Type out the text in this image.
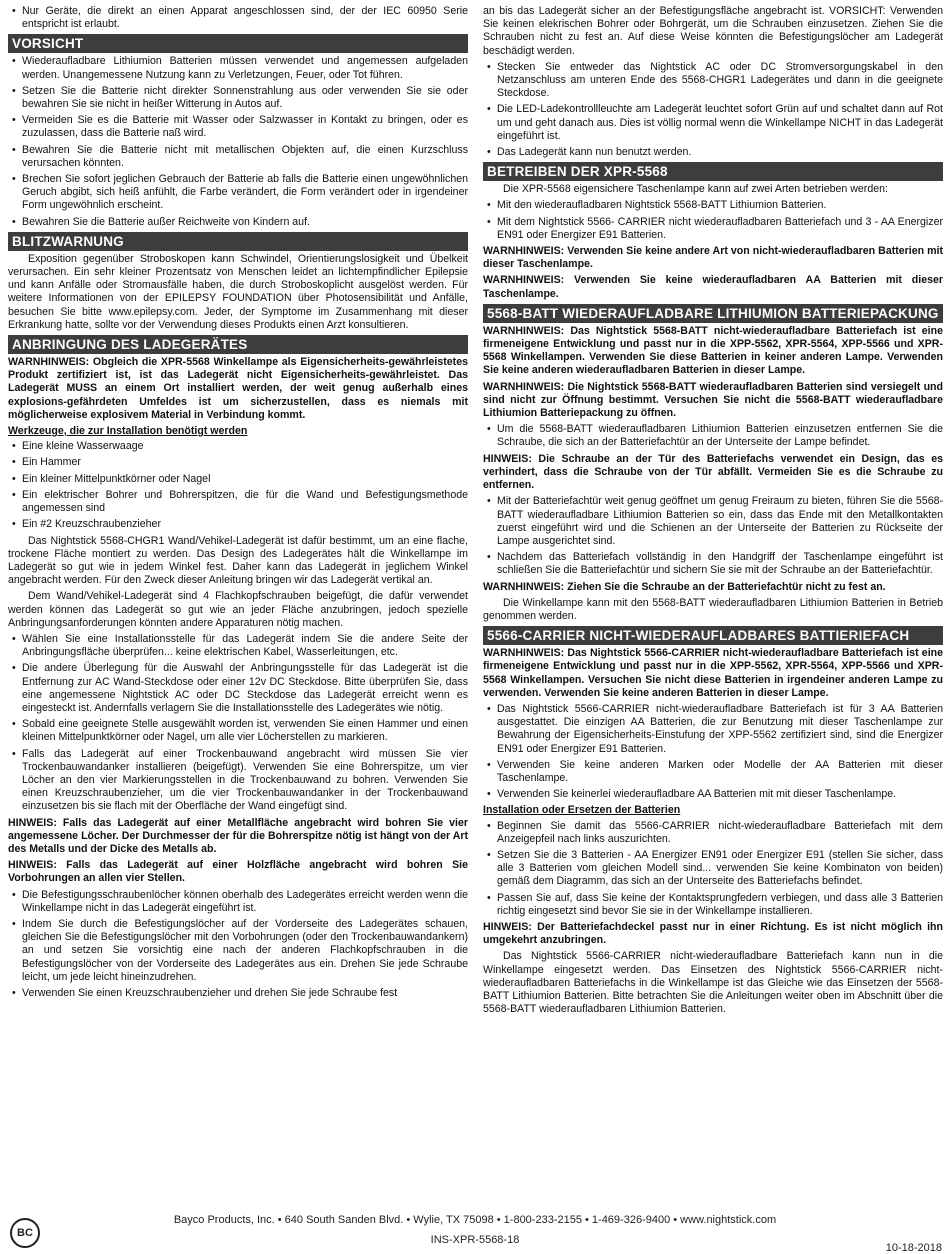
• Nur Geräte, die direkt an einen Apparat angeschlossen sind, der der IEC 60950 Serie entspricht ist erlaubt.
VORSICHT
• Wiederaufladbare Lithiumion Batterien müssen verwendet und angemessen aufgeladen werden. Unangemessene Nutzung kann zu Verletzungen, Feuer, oder Tot führen.
• Setzen Sie die Batterie nicht direkter Sonnenstrahlung aus oder verwenden Sie sie oder bewahren Sie sie nicht in heißer Witterung in Autos auf.
• Vermeiden Sie es die Batterie mit Wasser oder Salzwasser in Kontakt zu bringen, oder es zuzulassen, dass die Batterie naß wird.
• Bewahren Sie die Batterie nicht mit metallischen Objekten auf, die einen Kurzschluss verursachen könnten.
• Brechen Sie sofort jeglichen Gebrauch der Batterie ab falls die Batterie einen ungewöhnlichen Geruch abgibt, sich heiß anfühlt, die Farbe verändert, die Form verändert oder in irgendeiner Form ungewöhnlich erscheint.
• Bewahren Sie die Batterie außer Reichweite von Kindern auf.
BLITZWARNUNG
Exposition gegenüber Stroboskopen kann Schwindel, Orientierungslosigkeit und Übelkeit verursachen. Ein sehr kleiner Prozentsatz von Menschen leidet an lichtempfindlicher Epilepsie und kann Anfälle oder Stromausfälle haben, die durch Stroboskoplicht ausgelöst werden. Für weitere Informationen von der EPILEPSY FOUNDATION über Photosensibilität und Anfälle, besuchen Sie bitte www.epilepsy.com. Jeder, der Symptome im Zusammenhang mit dieser Erkrankung hatte, sollte vor der Verwendung dieses Produkts einen Arzt konsultieren.
ANBRINGUNG DES LADEGERÄTES
WARNHINWEIS: Obgleich die XPR-5568 Winkellampe als Eigensicherheits-gewährleistetes Produkt zertifiziert ist, ist das Ladegerät nicht Eigensicherheits-gewährleistet. Das Ladegerät MUSS an einem Ort installiert werden, der weit genug außerhalb eines explosions-gefährdeten Umfeldes ist um sicherzustellen, dass es niemals mit möglicherweise explosivem Material in Verbindung kommt.
Werkzeuge, die zur Installation benötigt werden
• Eine kleine Wasserwaage
• Ein Hammer
• Ein kleiner Mittelpunktkörner oder Nagel
• Ein elektrischer Bohrer und Bohrerspitzen, die für die Wand und Befestigungsmethode angemessen sind
• Ein #2 Kreuzschraubenzieher
Das Nightstick 5568-CHGR1 Wand/Vehikel-Ladegerät ist dafür bestimmt, um an eine flache, trockene Fläche montiert zu werden. Das Design des Ladegerätes hält die Winkellampe im Ladegerät so gut wie in jedem Winkel fest. Daher kann das Ladegerät in jeglichem Winkel angebracht werden. Für den Zweck dieser Anleitung bringen wir das Ladegerät vertikal an.
Dem Wand/Vehikel-Ladegerät sind 4 Flachkopfschrauben beigefügt, die dafür verwendet werden können das Ladegerät so gut wie an jeder Fläche anzubringen, jedoch spezielle Anbringungsanforderungen könnten andere Apparaturen nötig machen.
• Wählen Sie eine Installationsstelle für das Ladegerät indem Sie die andere Seite der Anbringungsfläche überprüfen... keine elektrischen Kabel, Wasserleitungen, etc.
• Die andere Überlegung für die Auswahl der Anbringungsstelle für das Ladegerät ist die Entfernung zur AC Wand-Steckdose oder einer 12v DC Steckdose. Bitte überprüfen Sie, dass eine angemessene Nightstick AC oder DC Steckdose das Ladegerät erreicht wenn es eingesteckt ist. Andernfalls verlagern Sie die Installationsstelle des Ladegerätes wie nötig.
• Sobald eine geeignete Stelle ausgewählt worden ist, verwenden Sie einen Hammer und einen kleinen Mittelpunktkörner oder Nagel, um alle vier Löcherstellen zu markieren.
• Falls das Ladegerät auf einer Trockenbauwand angebracht wird müssen Sie vier Trockenbauwandanker installieren (beigefügt). Verwenden Sie eine Bohrerspitze, um vier Löcher an den vier Markierungsstellen in die Trockenbauwand zu bohren. Verwenden Sie einen Kreuzschraubenzieher, um die vier Trockenbauwandanker in der Trockenbauwand einzusetzen bis sie flach mit der Oberfläche der Wand eingefügt sind.
HINWEIS: Falls das Ladegerät auf einer Metallfläche angebracht wird bohren Sie vier angemessene Löcher. Der Durchmesser der für die Bohrerspitze nötig ist hängt von der Art des Metalls und der Dicke des Metalls ab.
HINWEIS: Falls das Ladegerät auf einer Holzfläche angebracht wird bohren Sie Vorbohrungen an allen vier Stellen.
• Die Befestigungsschraubenlöcher können oberhalb des Ladegerätes erreicht werden wenn die Winkellampe nicht in das Ladegerät eingeführt ist.
• Indem Sie durch die Befestigungslöcher auf der Vorderseite des Ladegerätes schauen, gleichen Sie die Befestigungslöcher mit den Vorbohrungen (oder den Trockenbauwandankern) an und setzen Sie vorsichtig eine nach der anderen Flachkopfschrauben in die Befestigungslöcher von der Vorderseite des Ladegerätes aus ein. Drehen Sie jede Schraube leicht, um jede leicht hineinzudrehen.
• Verwenden Sie einen Kreuzschraubenzieher und drehen Sie jede Schraube fest
an bis das Ladegerät sicher an der Befestigungsfläche angebracht ist. VORSICHT: Verwenden Sie keinen elekrischen Bohrer oder Bohrgerät, um die Schrauben einzusetzen. Ziehen Sie die Schrauben nicht zu fest an. Auf diese Weise könnten die Befestigungslöcher am Ladegerät beschädigt werden.
• Stecken Sie entweder das Nightstick AC oder DC Stromversorgungskabel in den Netzanschluss am unteren Ende des 5568-CHGR1 Ladegerätes und dann in die geeignete Steckdose.
• Die LED-Ladekontrollleuchte am Ladegerät leuchtet sofort Grün auf und schaltet dann auf Rot um und geht danach aus. Dies ist völlig normal wenn die Winkellampe NICHT in das Ladegerät eingeführt ist.
• Das Ladegerät kann nun benutzt werden.
BETREIBEN DER XPR-5568
Die XPR-5568 eigensichere Taschenlampe kann auf zwei Arten betrieben werden:
• Mit den wiederaufladbaren Nightstick 5568-BATT Lithiumion Batterien.
• Mit dem Nightstick 5566- CARRIER nicht wiederaufladbaren Batteriefach und 3 - AA Energizer EN91 oder Energizer E91 Batterien.
WARNHINWEIS: Verwenden Sie keine andere Art von nicht-wiederaufladbaren Batterien mit dieser Taschenlampe.
WARNHINWEIS: Verwenden Sie keine wiederaufladbaren AA Batterien mit dieser Taschenlampe.
5568-BATT WIEDERAUFLADBARE LITHIUMION BATTERIEPACKUNG
WARNHINWEIS: Das Nightstick 5568-BATT nicht-wiederaufladbare Batteriefach ist eine firmeneigene Entwicklung und passt nur in die XPP-5562, XPR-5564, XPP-5566 und XPR-5568 Winkellampen. Verwenden Sie diese Batterien in keiner anderen Lampe. Verwenden Sie keine anderen wiederaufladbaren Batterien in dieser Lampe.
WARNHINWEIS: Die Nightstick 5568-BATT wiederaufladbaren Batterien sind versiegelt und sind nicht zur Öffnung bestimmt. Versuchen Sie nicht die 5568-BATT wiederaufladbare Lithiumion Batteriepackung zu öffnen.
• Um die 5568-BATT wiederaufladbaren Lithiumion Batterien einzusetzen entfernen Sie die Schraube, die sich an der Batteriefachtür an der Unterseite der Lampe befindet.
HINWEIS: Die Schraube an der Tür des Batteriefachs verwendet ein Design, das es verhindert, dass die Schraube von der Tür abfällt. Vermeiden Sie es die Schraube zu entfernen.
• Mit der Batteriefachtür weit genug geöffnet um genug Freiraum zu bieten, führen Sie die 5568-BATT wiederaufladbare Lithiumion Batterien so ein, dass das Ende mit den Metallkontakten zuerst eingeführt wird und die Schienen an der Unterseite der Batterien zu Rückseite der Lampe ausgerichtet sind.
• Nachdem das Batteriefach vollständig in den Handgriff der Taschenlampe eingeführt ist schließen Sie die Batteriefachtür und sichern Sie sie mit der Schraube an der Batteriefachtür.
WARNHINWEIS: Ziehen Sie die Schraube an der Batteriefachtür nicht zu fest an.
Die Winkellampe kann mit den 5568-BATT wiederaufladbaren Lithiumion Batterien in Betrieb genommen werden.
5566-CARRIER NICHT-WIEDERAUFLADBARES BATTIERIEFACH
WARNHINWEIS: Das Nightstick 5566-CARRIER nicht-wiederaufladbare Batteriefach ist eine firmeneigene Entwicklung und passt nur in die XPP-5562, XPR-5564, XPP-5566 und XPR-5568 Winkellampen. Versuchen Sie nicht diese Batterien in irgendeiner anderen Lampe zu verwenden. Verwenden Sie keine anderen Batterien in dieser Lampe.
• Das Nightstick 5566-CARRIER nicht-wiederaufladbare Batteriefach ist für 3 AA Batterien ausgestattet. Die einzigen AA Batterien, die zur Benutzung mit dieser Taschenlampe zur Bewahrung der Eigensicherheits-Einstufung der XPP-5562 zertifiziert sind, sind die Energizer EN91 oder Energizer E91 Batterien.
• Verwenden Sie keine anderen Marken oder Modelle der AA Batterien mit dieser Taschenlampe.
• Verwenden Sie keinerlei wiederaufladbare AA Batterien mit mit dieser Taschenlampe.
Installation oder Ersetzen der Batterien
• Beginnen Sie damit das 5566-CARRIER nicht-wiederaufladbare Batteriefach mit dem Anzeigepfeil nach links auszurichten.
• Setzen Sie die 3 Batterien - AA Energizer EN91 oder Energizer E91 (stellen Sie sicher, dass alle 3 Batterien vom gleichen Modell sind... verwenden Sie keine Kombinaton von beiden) gemäß dem Diagramm, das sich an der Unterseite des Batteriefachs befindet.
• Passen Sie auf, dass Sie keine der Kontaktsprungfedern verbiegen, und dass alle 3 Batterien richtig eingesetzt sind bevor Sie sie in der Winkellampe installieren.
HINWEIS: Der Batteriefachdeckel passt nur in einer Richtung. Es ist nicht möglich ihn umgekehrt anzubringen.
Das Nightstick 5566-CARRIER nicht-wiederaufladbare Batteriefach kann nun in die Winkellampe eingesetzt werden. Das Einsetzen des Nightstick 5566-CARRIER nicht-wiederaufladbaren Batteriefachs in die Winkellampe ist das Gleiche wie das Einsetzen der 5568-BATT Lithiumion Batterien. Bitte betrachten Sie die Anleitungen weiter oben im Abschnitt über die 5568-BATT wiederaufladbaren Lithiumion Batterien.
BC
Bayco Products, Inc. • 640 South Sanden Blvd. • Wylie, TX 75098 • 1-800-233-2155 • 1-469-326-9400 • www.nightstick.com
INS-XPR-5568-18
10-18-2018
